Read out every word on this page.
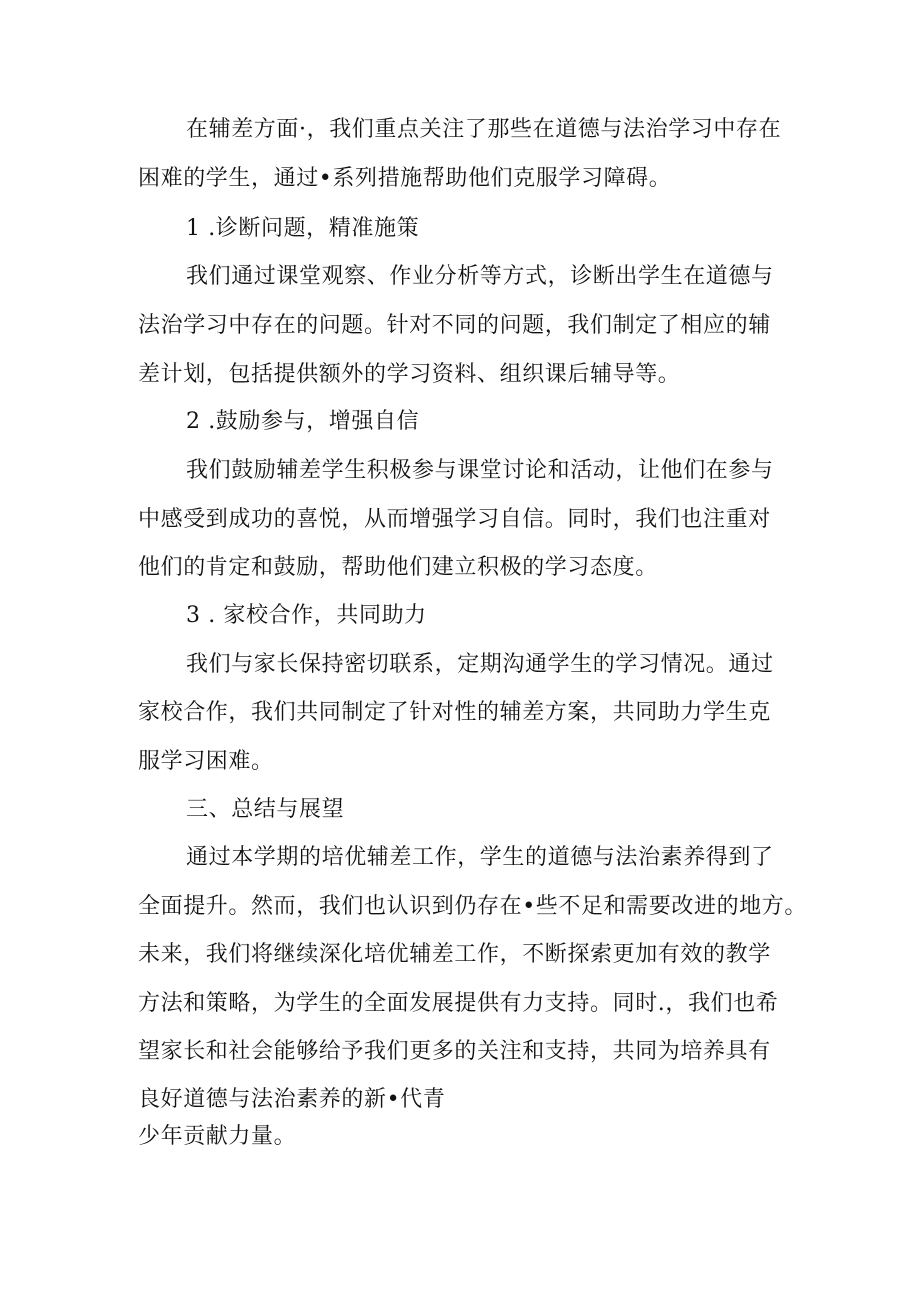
在辅差方面·，我们重点关注了那些在道德与法治学习中存在
困难的学生，通过•系列措施帮助他们克服学习障碍。
1 .诊断问题，精准施策
我们通过课堂观察、作业分析等方式，诊断出学生在道德与
法治学习中存在的问题。针对不同的问题，我们制定了相应的辅
差计划，包括提供额外的学习资料、组织课后辅导等。
2 .鼓励参与，增强自信
我们鼓励辅差学生积极参与课堂讨论和活动，让他们在参与
中感受到成功的喜悦，从而增强学习自信。同时，我们也注重对
他们的肯定和鼓励，帮助他们建立积极的学习态度。
3 . 家校合作，共同助力
我们与家长保持密切联系，定期沟通学生的学习情况。通过
家校合作，我们共同制定了针对性的辅差方案，共同助力学生克
服学习困难。
三、总结与展望
通过本学期的培优辅差工作，学生的道德与法治素养得到了
全面提升。然而，我们也认识到仍存在•些不足和需要改进的地方。
未来，我们将继续深化培优辅差工作，不断探索更加有效的教学
方法和策略，为学生的全面发展提供有力支持。同时.，我们也希
望家长和社会能够给予我们更多的关注和支持，共同为培养具有
良好道德与法治素养的新•代青
少年贡献力量。
